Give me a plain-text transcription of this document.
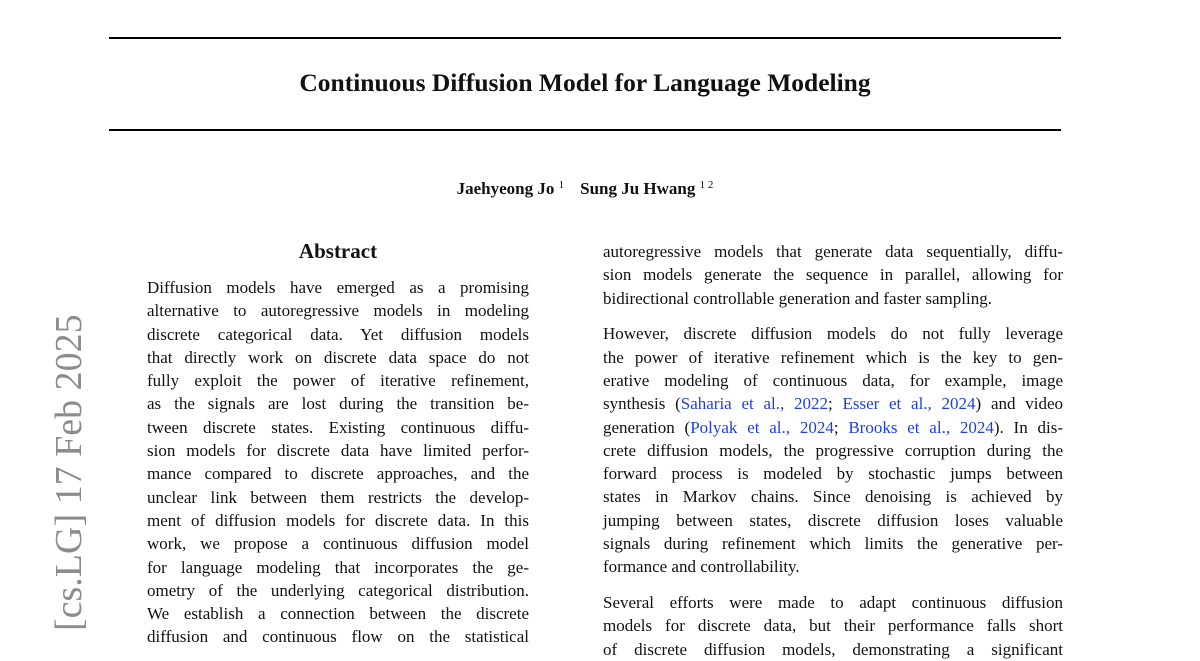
Continuous Diffusion Model for Language Modeling
Jaehyeong Jo $^1$ Sung Ju Hwang $^{1 2}$
[cs.LG] 17 Feb 2025
Abstract
Diffusion models have emerged as a promising
alternative to autoregressive models in modeling
discrete categorical data. Yet diffusion models
that directly work on discrete data space do not
fully exploit the power of iterative refinement,
as the signals are lost during the transition be-
tween discrete states. Existing continuous diffu-
sion models for discrete data have limited perfor-
mance compared to discrete approaches, and the
unclear link between them restricts the develop-
ment of diffusion models for discrete data. In this
work, we propose a continuous diffusion model
for language modeling that incorporates the ge-
ometry of the underlying categorical distribution.
We establish a connection between the discrete
diffusion and continuous flow on the statistical
autoregressive models that generate data sequentially, diffu-
sion models generate the sequence in parallel, allowing for
bidirectional controllable generation and faster sampling.
However, discrete diffusion models do not fully leverage
the power of iterative refinement which is the key to gen-
erative modeling of continuous data, for example, image
synthesis (Saharia et al., 2022; Esser et al., 2024) and video
generation (Polyak et al., 2024; Brooks et al., 2024). In dis-
crete diffusion models, the progressive corruption during the
forward process is modeled by stochastic jumps between
states in Markov chains. Since denoising is achieved by
jumping between states, discrete diffusion loses valuable
signals during refinement which limits the generative per-
formance and controllability.
Several efforts were made to adapt continuous diffusion
models for discrete data, but their performance falls short
of discrete diffusion models, demonstrating a significant
